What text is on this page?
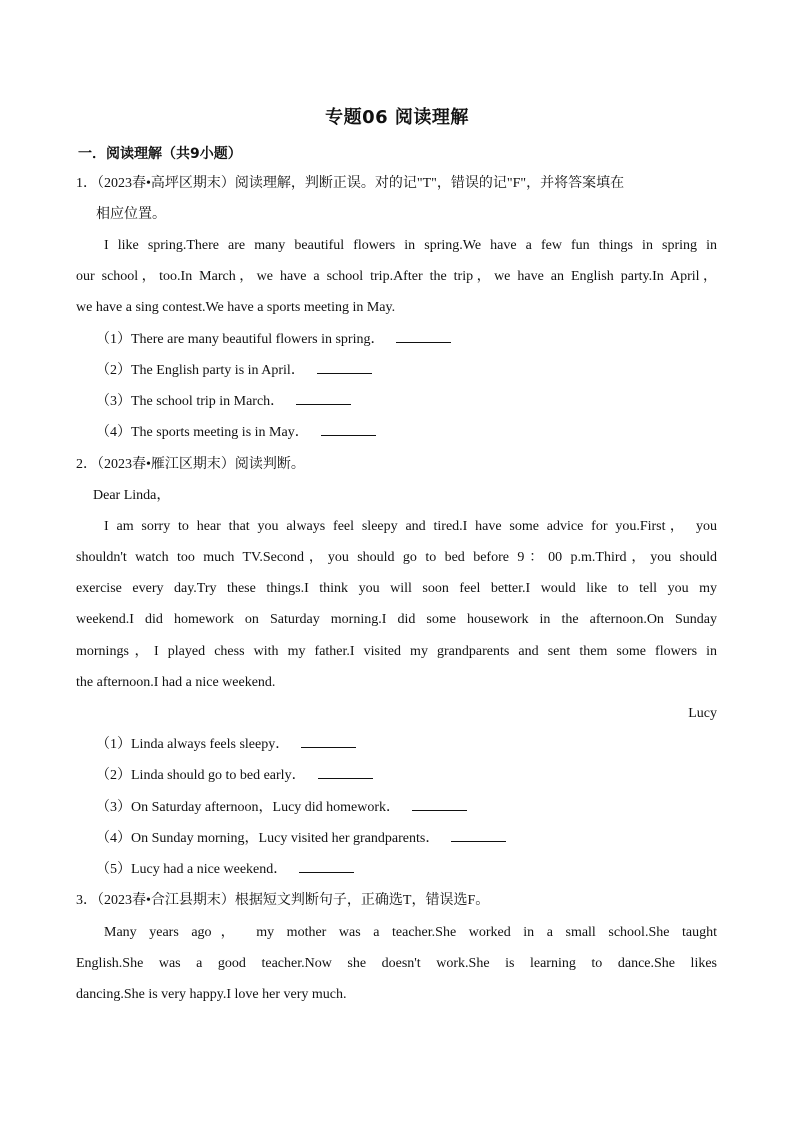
专题06 阅读理解
一．阅读理解（共9小题）
1．（2023春•高坪区期末）阅读理解，判断正误。对的记"T"，错误的记"F"，并将答案填在
相应位置。
I like spring.There are many beautiful flowers in spring.We have a few fun things in spring in
our school，too.In March，we have a school trip.After the trip，we have an English party.In April，
we have a sing contest.We have a sports meeting in May.
（1）There are many beautiful flowers in spring．
（2）The English party is in April．
（3）The school trip in March．
（4）The sports meeting is in May．
2．（2023春•雁江区期末）阅读判断。
Dear Linda，
I am sorry to hear that you always feel sleepy and tired.I have some advice for you.First， you
shouldn't watch too much TV.Second，you should go to bed before 9：00 p.m.Third，you should
exercise every day.Try these things.I think you will soon feel better.I would like to tell you my
weekend.I did homework on Saturday morning.I did some housework in the afternoon.On Sunday
mornings，I played chess with my father.I visited my grandparents and sent them some flowers in
the afternoon.I had a nice weekend.
Lucy
（1）Linda always feels sleepy．
（2）Linda should go to bed early．
（3）On Saturday afternoon，Lucy did homework．
（4）On Sunday morning，Lucy visited her grandparents．
（5）Lucy had a nice weekend．
3．（2023春•合江县期末）根据短文判断句子，正确选T，错误选F。
Many years ago， my mother was a teacher.She worked in a small school.She taught
English.She was a good teacher.Now she doesn't work.She is learning to dance.She likes
dancing.She is very happy.I love her very much.
